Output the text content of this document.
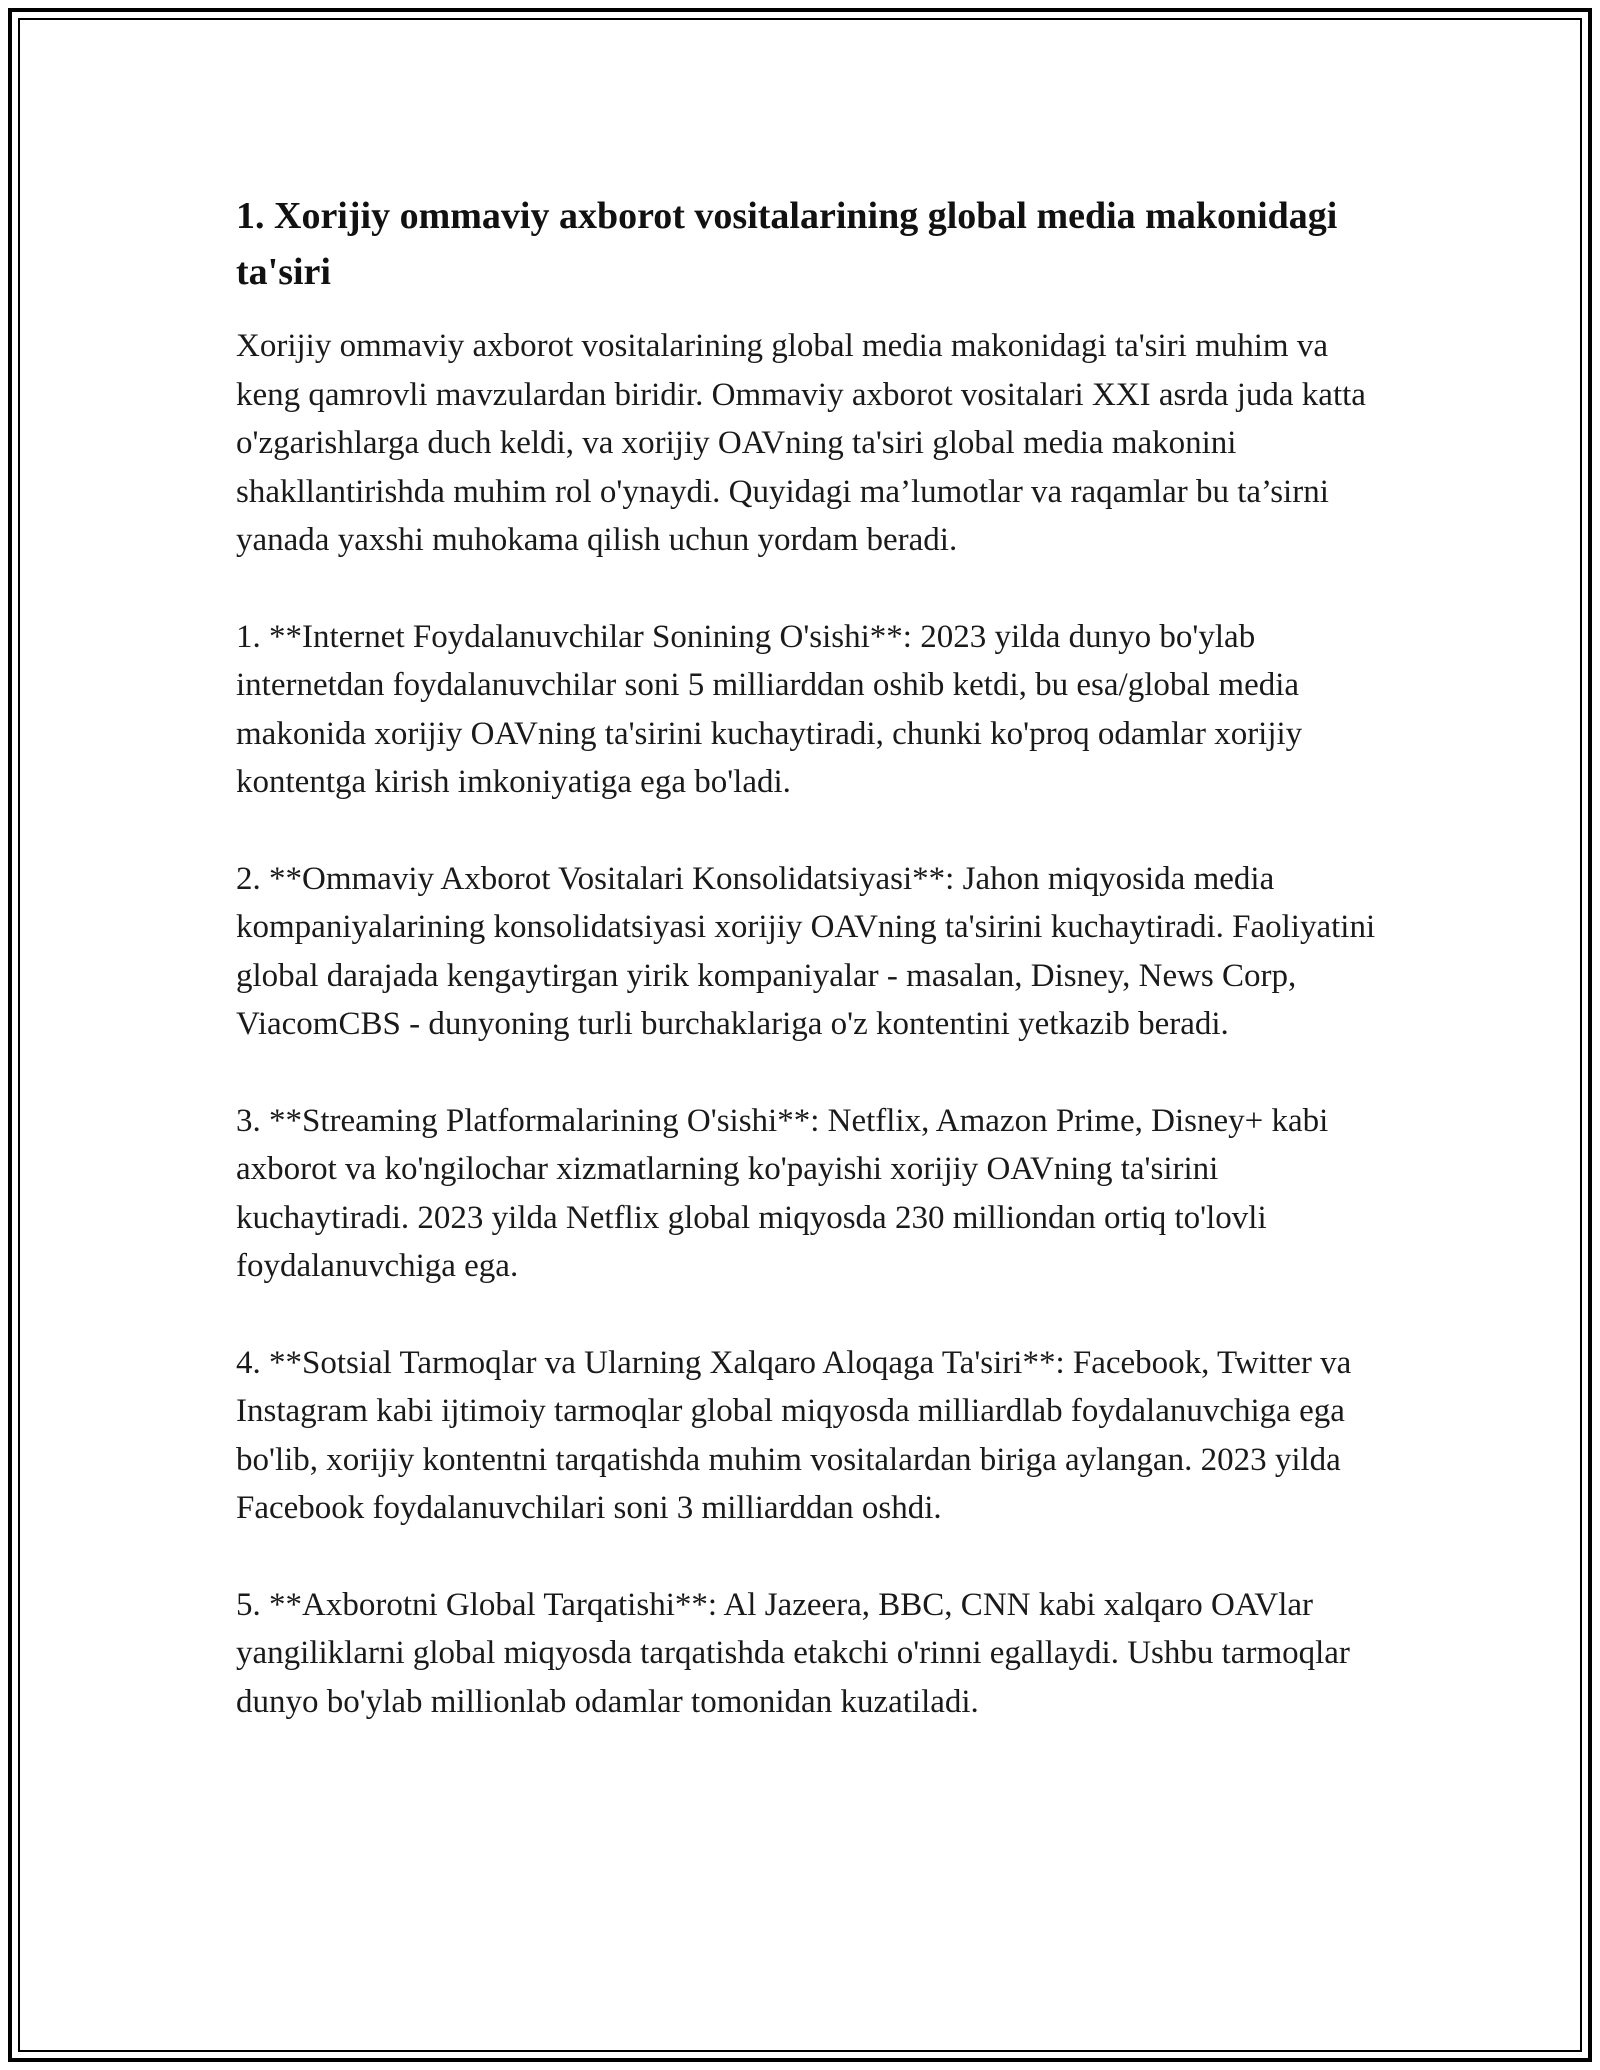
1. Xorijiy ommaviy axborot vositalarining global media makonidagi ta'siri

Xorijiy ommaviy axborot vositalarining global media makonidagi ta'siri muhim va keng qamrovli mavzulardan biridir. Ommaviy axborot vositalari XXI asrda juda katta o'zgarishlarga duch keldi, va xorijiy OAVning ta'siri global media makonini shakllantirishda muhim rol o'ynaydi. Quyidagi ma’lumotlar va raqamlar bu ta’sirni yanada yaxshi muhokama qilish uchun yordam beradi.

1. **Internet Foydalanuvchilar Sonining O'sishi**: 2023 yilda dunyo bo'ylab internetdan foydalanuvchilar soni 5 milliarddan oshib ketdi, bu esa/global media makonida xorijiy OAVning ta'sirini kuchaytiradi, chunki ko'proq odamlar xorijiy kontentga kirish imkoniyatiga ega bo'ladi.

2. **Ommaviy Axborot Vositalari Konsolidatsiyasi**: Jahon miqyosida media kompaniyalarining konsolidatsiyasi xorijiy OAVning ta'sirini kuchaytiradi. Faoliyatini global darajada kengaytirgan yirik kompaniyalar - masalan, Disney, News Corp, ViacomCBS - dunyoning turli burchaklariga o'z kontentini yetkazib beradi.

3. **Streaming Platformalarining O'sishi**: Netflix, Amazon Prime, Disney+ kabi axborot va ko'ngilochar xizmatlarning ko'payishi xorijiy OAVning ta'sirini kuchaytiradi. 2023 yilda Netflix global miqyosda 230 milliondan ortiq to'lovli foydalanuvchiga ega.

4. **Sotsial Tarmoqlar va Ularning Xalqaro Aloqaga Ta'siri**: Facebook, Twitter va Instagram kabi ijtimoiy tarmoqlar global miqyosda milliardlab foydalanuvchiga ega bo'lib, xorijiy kontentni tarqatishda muhim vositalardan biriga aylangan. 2023 yilda Facebook foydalanuvchilari soni 3 milliarddan oshdi.

5. **Axborotni Global Tarqatishi**: Al Jazeera, BBC, CNN kabi xalqaro OAVlar yangiliklarni global miqyosda tarqatishda etakchi o'rinni egallaydi. Ushbu tarmoqlar dunyo bo'ylab millionlab odamlar tomonidan kuzatiladi.
